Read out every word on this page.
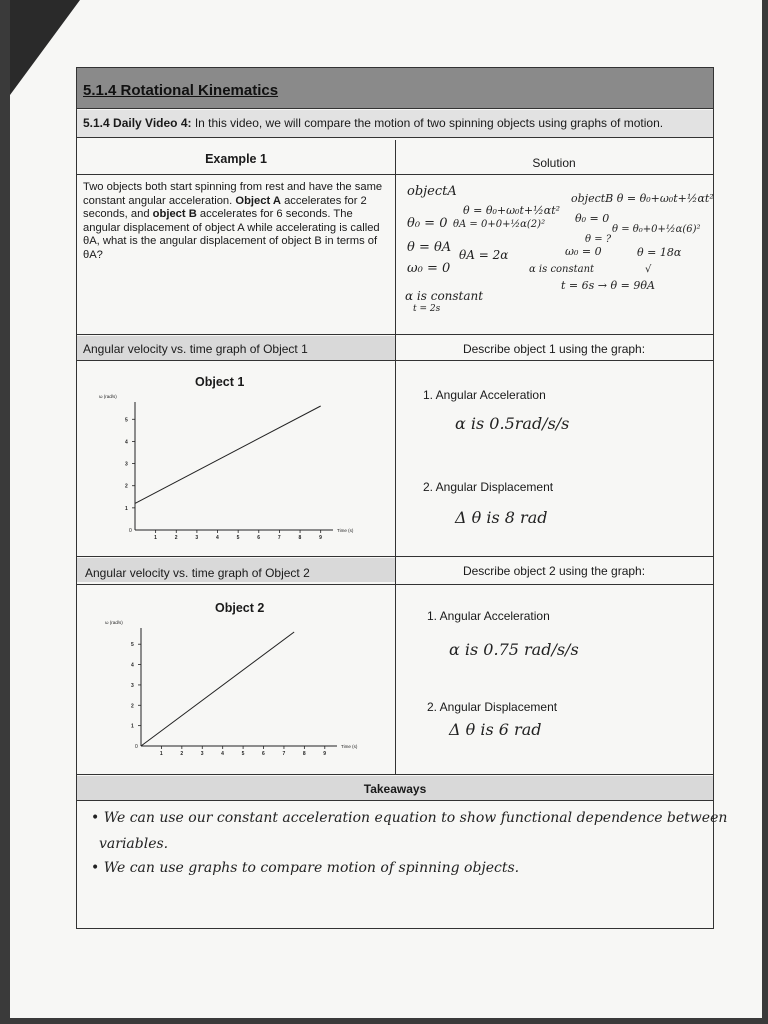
5.1.4 Rotational Kinematics
5.1.4 Daily Video 4: In this video, we will compare the motion of two spinning objects using graphs of motion.
Example 1	Solution
Two objects both start spinning from rest and have the same constant angular acceleration. Object A accelerates for 2 seconds, and object B accelerates for 6 seconds. The angular displacement of object A while accelerating is called θA, what is the angular displacement of object B in terms of θA?
objectA
θ = θ₀+ω₀t+½αt²
objectB θ = θ₀+ω₀t+½αt²
θ₀ = 0 θA = 0+0+½α(2)²	θ₀ = 0
θ = θ₀+0+½α(6)²
θ = θA θA = 2α
θ = ?
θ = 18α
ω₀ = 0
ω₀ = 0
α is constant	√
α is constant
t = 6s → θ = 9θA
t = 2s
Angular velocity vs. time graph of Object 1	Describe object 1 using the graph:
Object 1
ω (rad/s)
Time (s)
1	2	3	4	5	6	7	8	9
1
2
3
4
5
0
1. Angular Acceleration
α is 0.5rad/s/s
2. Angular Displacement
Δ θ is 8 rad
Angular velocity vs. time graph of Object 2	Describe object 2 using the graph:
Object 2
ω (rad/s)
Time (s)
1	2	3	4	5	6	7	8	9
1
2
3
4
5
0
1. Angular Acceleration
α is 0.75 rad/s/s
2. Angular Displacement
Δ θ is 6 rad
Takeaways
• We can use our constant acceleration equation to show functional dependence between
variables.
• We can use graphs to compare motion of spinning objects.
